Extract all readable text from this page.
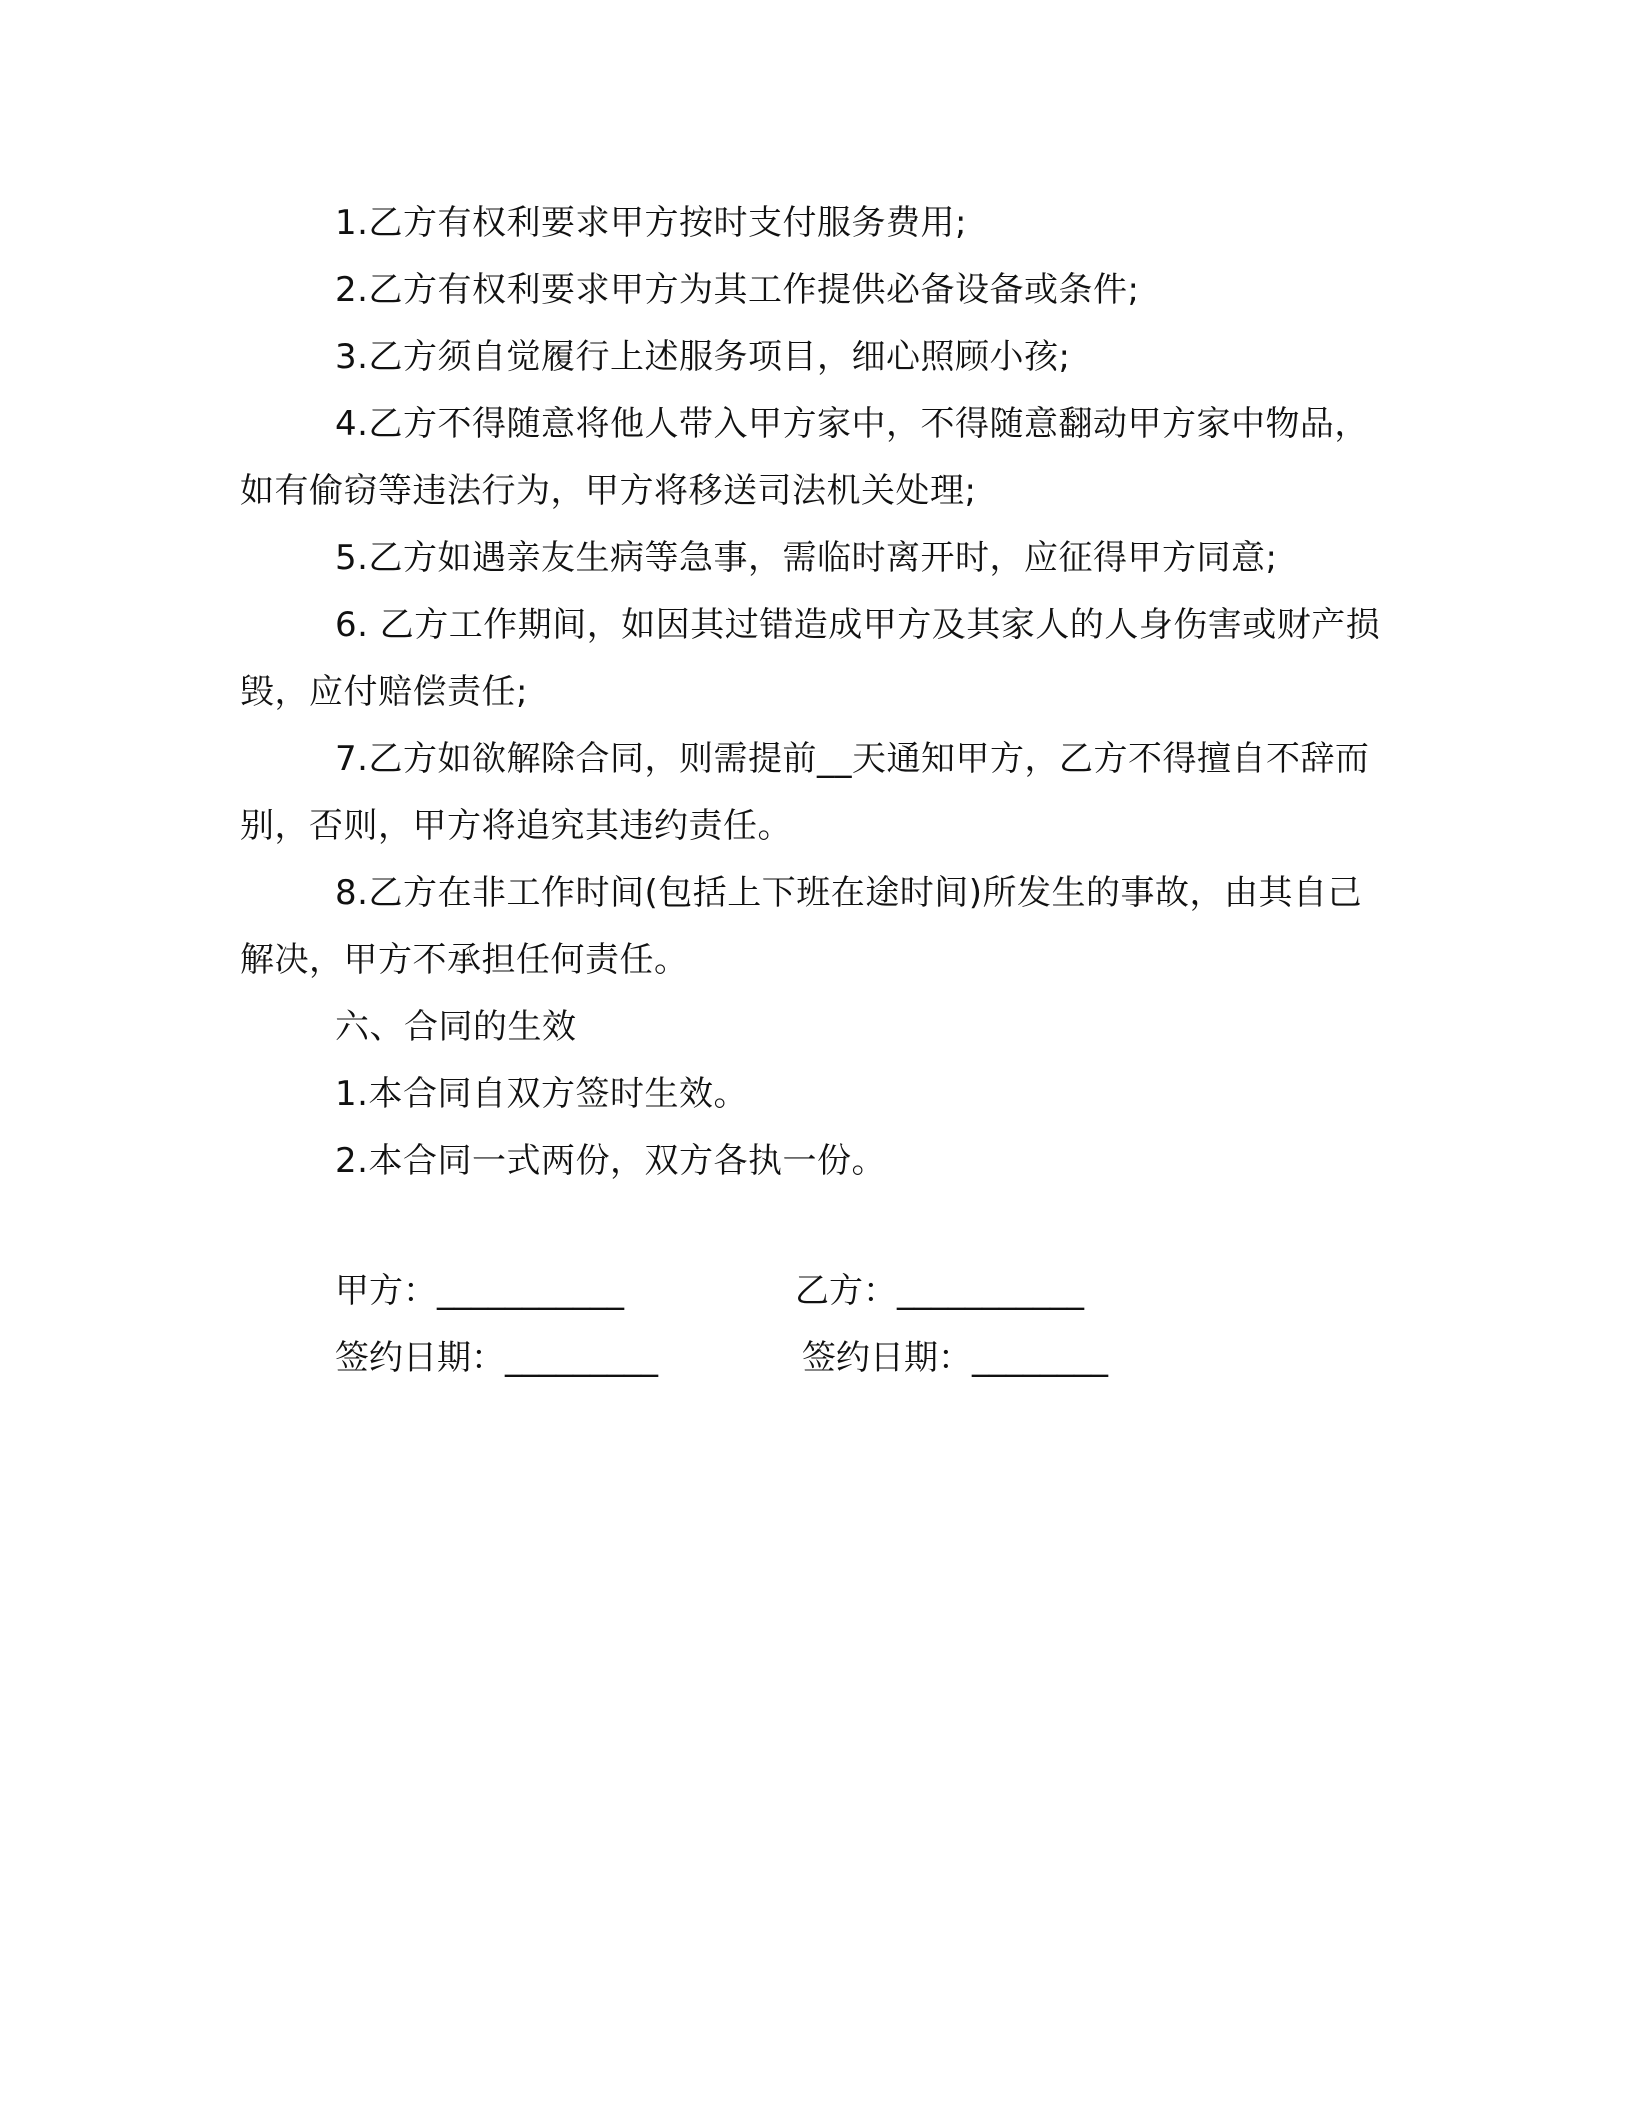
1.乙方有权利要求甲方按时支付服务费用;

2.乙方有权利要求甲方为其工作提供必备设备或条件;

3.乙方须自觉履行上述服务项目，细心照顾小孩;

4.乙方不得随意将他人带入甲方家中，不得随意翻动甲方家中物品，如有偷窃等违法行为，甲方将移送司法机关处理;

5.乙方如遇亲友生病等急事，需临时离开时，应征得甲方同意;

6. 乙方工作期间，如因其过错造成甲方及其家人的人身伤害或财产损毁，应付赔偿责任;

7.乙方如欲解除合同，则需提前__天通知甲方，乙方不得擅自不辞而别，否则，甲方将追究其违约责任。

8.乙方在非工作时间(包括上下班在途时间)所发生的事故，由其自己解决，甲方不承担任何责任。

六、合同的生效

1.本合同自双方签时生效。

2.本合同一式两份，双方各执一份。

甲方：___________	乙方：___________
签约日期：_________	签约日期：________
